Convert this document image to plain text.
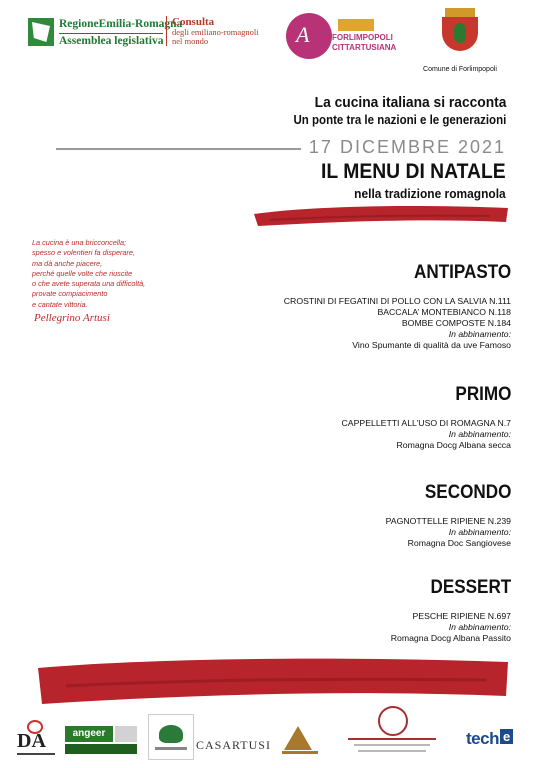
RegioneEmilia-Romagna
Assemblea legislativa
Consulta
degli emiliano-romagnoli
nel mondo	A	FORLIMPOPOLI
CITTARTUSIANA
Comune di Forlimpopoli
La cucina italiana si racconta
Un ponte tra le nazioni e le generazioni
17 DICEMBRE 2021
IL MENU DI NATALE
nella tradizione romagnola
La cucina è una bricconcella;
spesso e volentieri fa disperare,
ma dà anche piacere,
perché quelle volte che riuscite
o che avete superata una difficoltà,
provate compiacimento
e cantate vittoria.
Pellegrino Artusi
ANTIPASTO
CROSTINI DI FEGATINI DI POLLO CON LA SALVIA N.111
BACCALA’ MONTEBIANCO N.118
BOMBE COMPOSTE N.184
In abbinamento:
Vino Spumante di qualità da uve Famoso
PRIMO
CAPPELLETTI ALL’USO DI ROMAGNA N.7
In abbinamento:
Romagna Docg Albana secca
SECONDO
PAGNOTTELLE RIPIENE N.239
In abbinamento:
Romagna Doc Sangiovese
DESSERT
PESCHE RIPIENE N.697
In abbinamento:
Romagna Docg Albana Passito
DA	angeer
CASARTUSI	tech e
